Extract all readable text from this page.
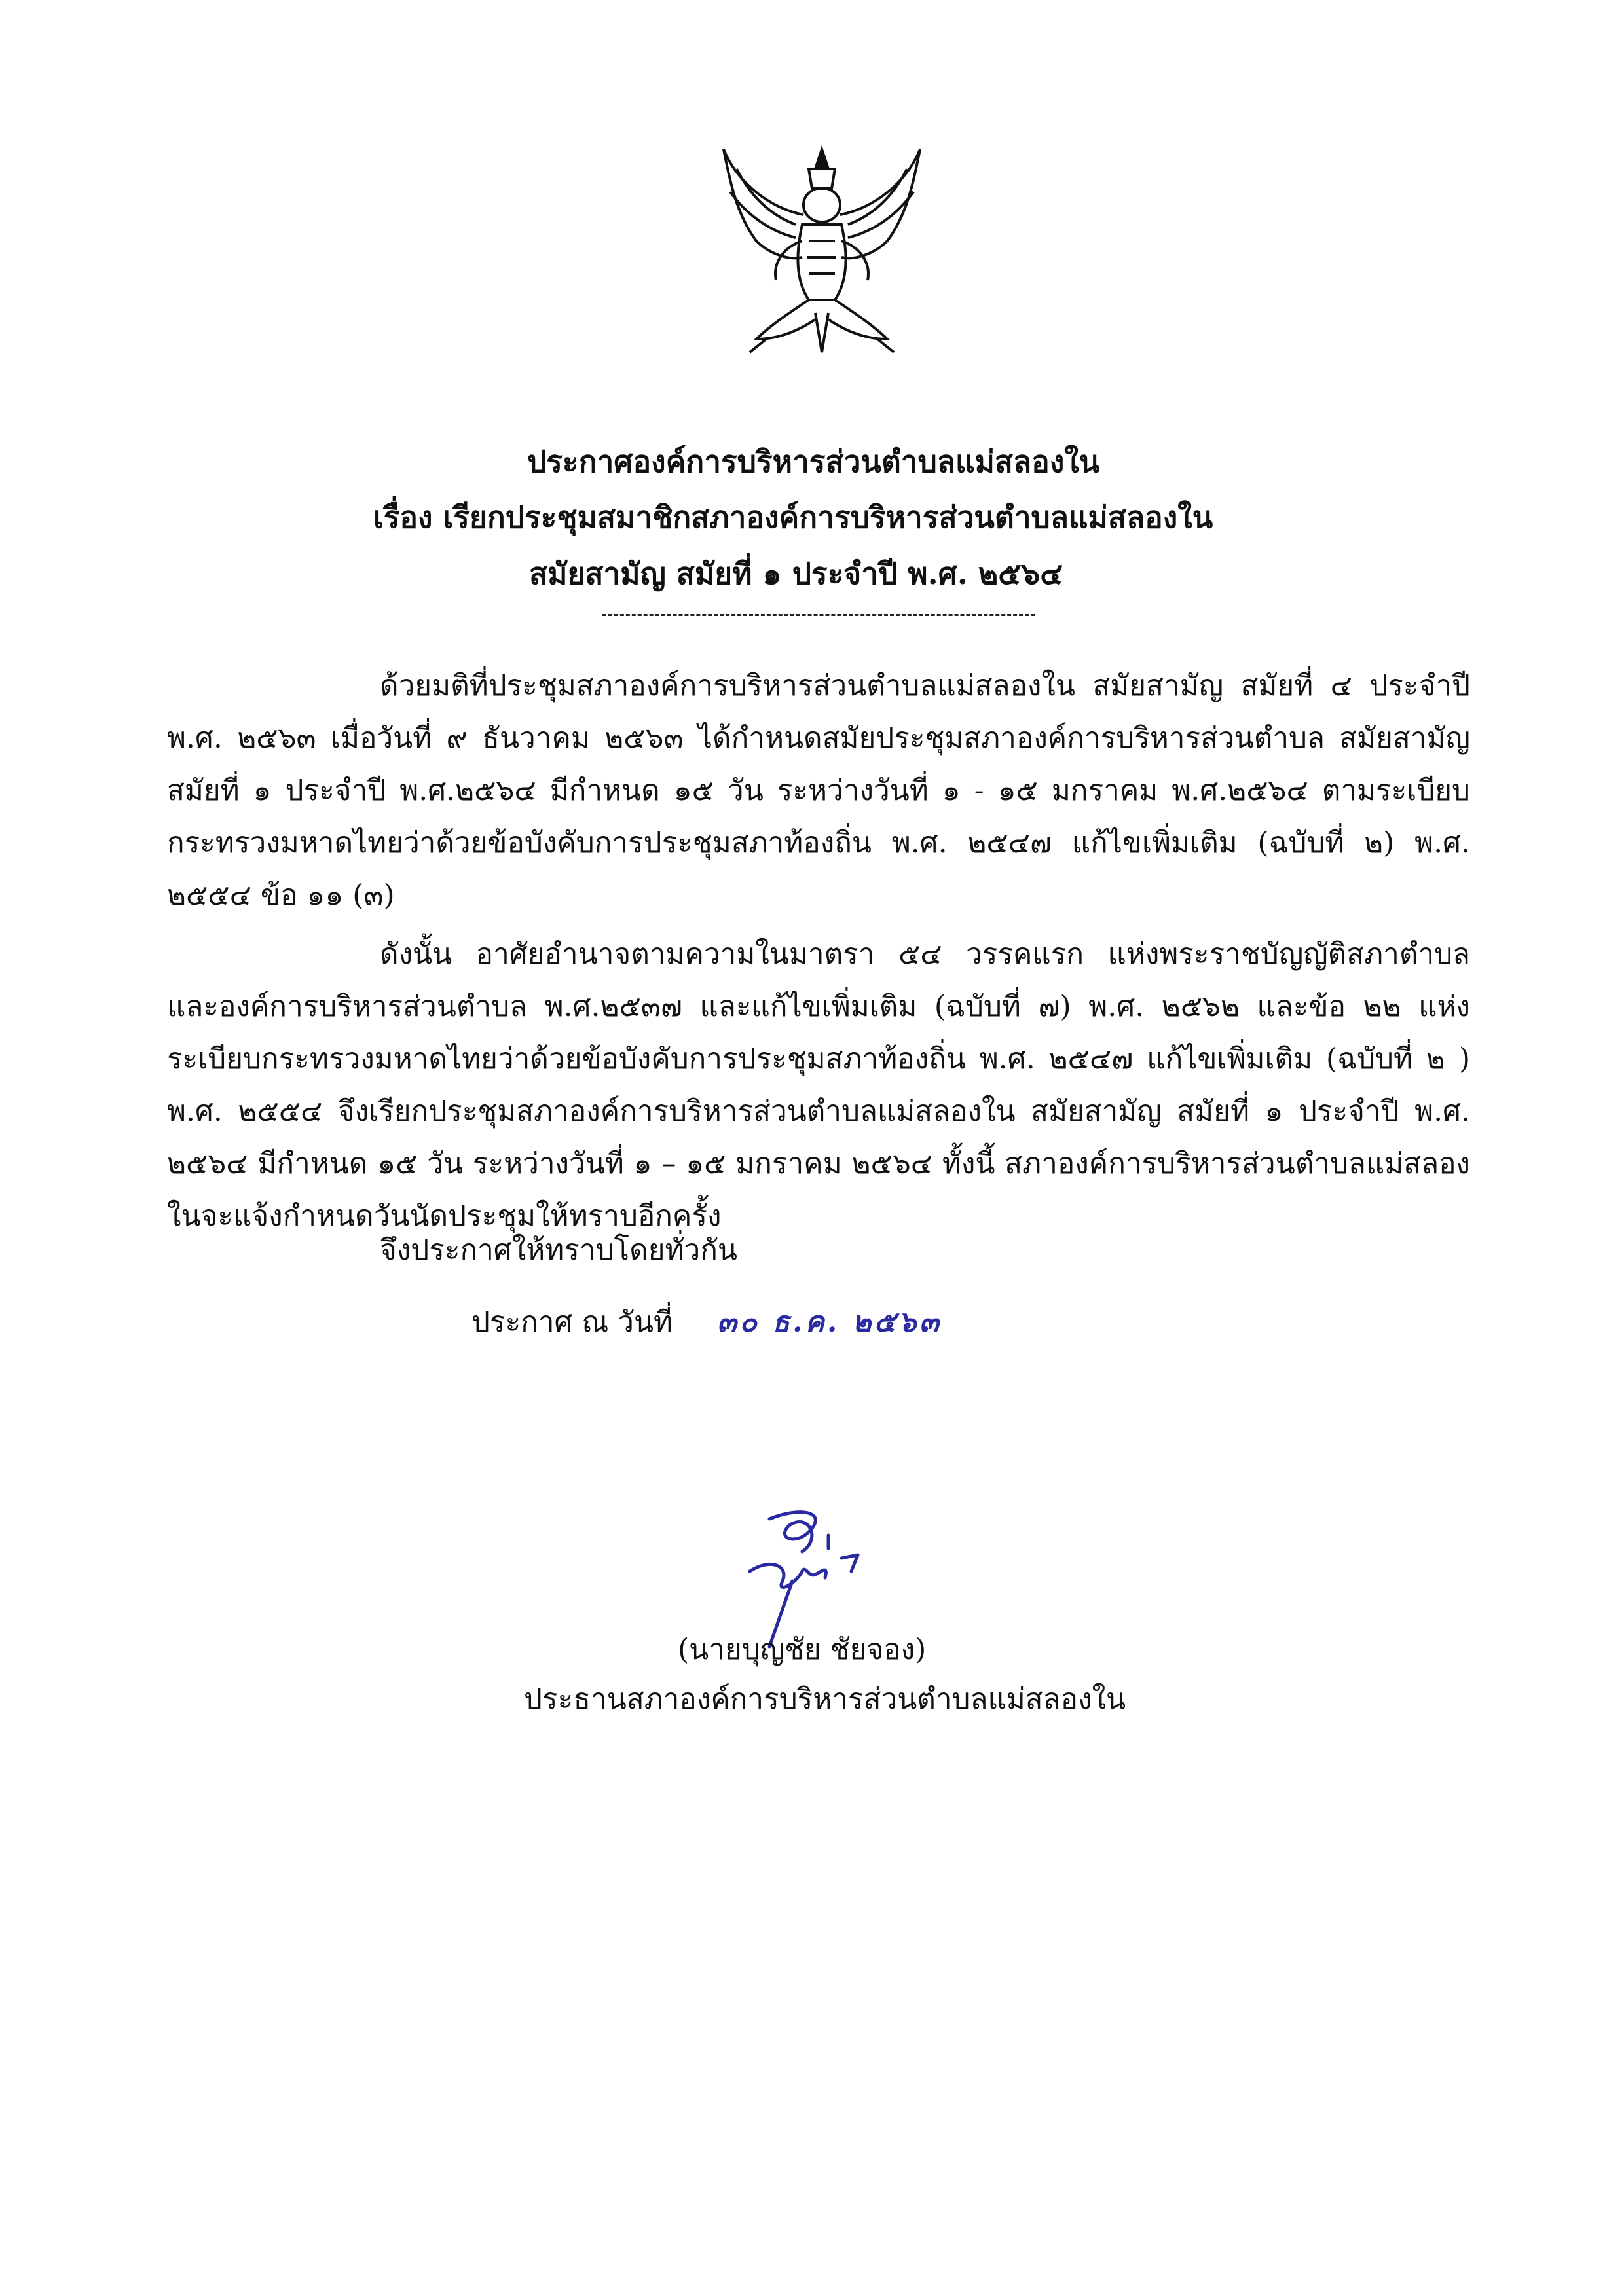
ประกาศองค์การบริหารส่วนตำบลแม่สลองใน
เรื่อง เรียกประชุมสมาชิกสภาองค์การบริหารส่วนตำบลแม่สลองใน
สมัยสามัญ สมัยที่ ๑ ประจำปี พ.ศ. ๒๕๖๔

ด้วยมติที่ประชุมสภาองค์การบริหารส่วนตำบลแม่สลองใน สมัยสามัญ สมัยที่ ๔ ประจำปี พ.ศ. ๒๕๖๓ เมื่อวันที่ ๙ ธันวาคม ๒๕๖๓ ได้กำหนดสมัยประชุมสภาองค์การบริหารส่วนตำบล สมัยสามัญ สมัยที่ ๑ ประจำปี พ.ศ.๒๕๖๔ มีกำหนด ๑๕ วัน ระหว่างวันที่ ๑ - ๑๕ มกราคม พ.ศ.๒๕๖๔ ตามระเบียบกระทรวงมหาดไทยว่าด้วยข้อบังคับการประชุมสภาท้องถิ่น พ.ศ. ๒๕๔๗ แก้ไขเพิ่มเติม (ฉบับที่ ๒) พ.ศ. ๒๕๕๔ ข้อ ๑๑ (๓)

ดังนั้น อาศัยอำนาจตามความในมาตรา ๕๔ วรรคแรก แห่งพระราชบัญญัติสภาตำบล และองค์การบริหารส่วนตำบล พ.ศ.๒๕๓๗ และแก้ไขเพิ่มเติม (ฉบับที่ ๗) พ.ศ. ๒๕๖๒ และข้อ ๒๒ แห่งระเบียบกระทรวงมหาดไทยว่าด้วยข้อบังคับการประชุมสภาท้องถิ่น พ.ศ. ๒๕๔๗ แก้ไขเพิ่มเติม (ฉบับที่ ๒ ) พ.ศ. ๒๕๕๔ จึงเรียกประชุมสภาองค์การบริหารส่วนตำบลแม่สลองใน สมัยสามัญ สมัยที่ ๑ ประจำปี พ.ศ. ๒๕๖๔ มีกำหนด ๑๕ วัน ระหว่างวันที่ ๑ – ๑๕ มกราคม ๒๕๖๔ ทั้งนี้ สภาองค์การบริหารส่วนตำบลแม่สลองในจะแจ้งกำหนดวันนัดประชุมให้ทราบอีกครั้ง

จึงประกาศให้ทราบโดยทั่วกัน
ประกาศ ณ วันที่ ๓๐ ธ.ค. ๒๕๖๓
(นายบุญชัย ชัยจอง)
ประธานสภาองค์การบริหารส่วนตำบลแม่สลองใน
